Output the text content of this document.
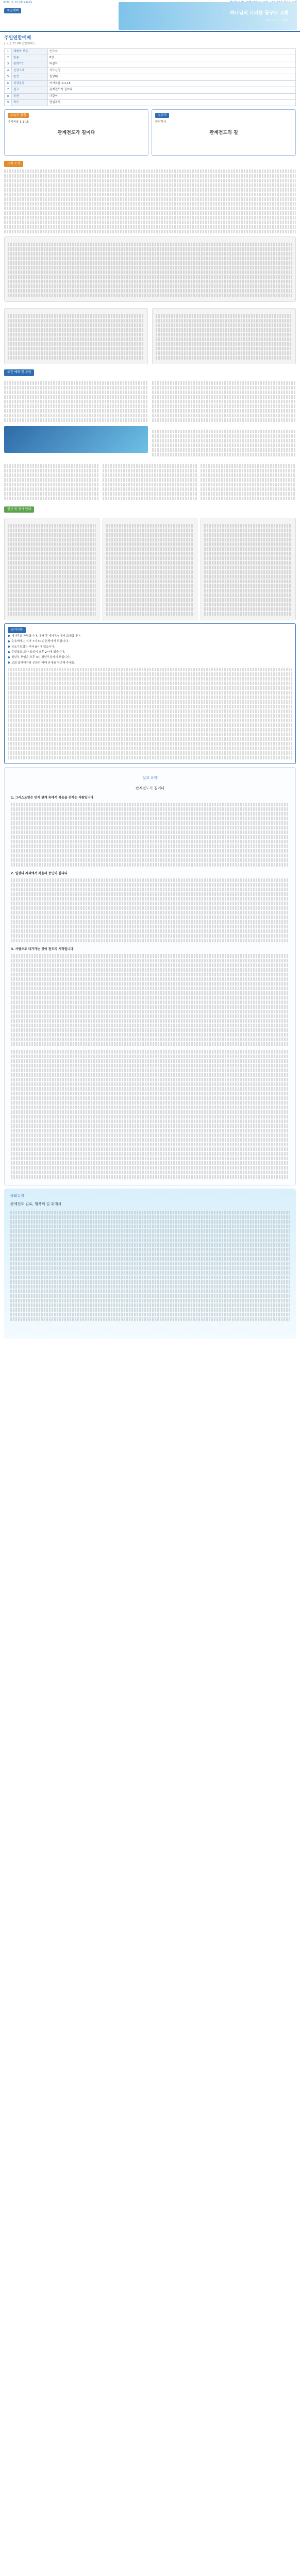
2022. 3. 13 (제1234호)
주일예배
하나님의 나라를 꿈꾸는 교회
CHURCH · 2022
주일연합예배
( 오전 11:00 연합예배 )
1	예배의 부름	인도자
2	찬송	8장
3	참회기도	다같이
4	신앙고백	사도신경
5	찬양	찬양대
6	성경봉독	마가복음 1:1-15
7	설교	관계전도가 길이다
8	봉헌	다같이
9	축도	담임목사
오늘의 말씀

마가복음 1:1-15

관계전도가 길이다
설교자

담임목사

관계전도의 길
교회 소식
주간 예배 및 모임
헌금 및 봉사 안내
공지사항
새가족을 환영합니다. 예배 후 새가족실에서 교제합니다.
수요예배는 저녁 7시 30분 본당에서 드립니다.
금요기도회는 저녁 8시에 있습니다.
주일학교 교사 모임이 오후 2시에 있습니다.
청년부 모임은 오후 3시 청년부실에서 모입니다.
교회 홈페이지와 온라인 예배 안내를 참고해 주세요.
설교 요약
관계전도가 길이다
1. 그리스도인은 먼저 관계 속에서 복음을 전하는 사람입니다
2. 일상의 자리에서 복음의 증인이 됩니다
3. 사랑으로 다가가는 것이 전도의 시작입니다
목회칼럼
관계전도 길로, 행복의 길 위에서
